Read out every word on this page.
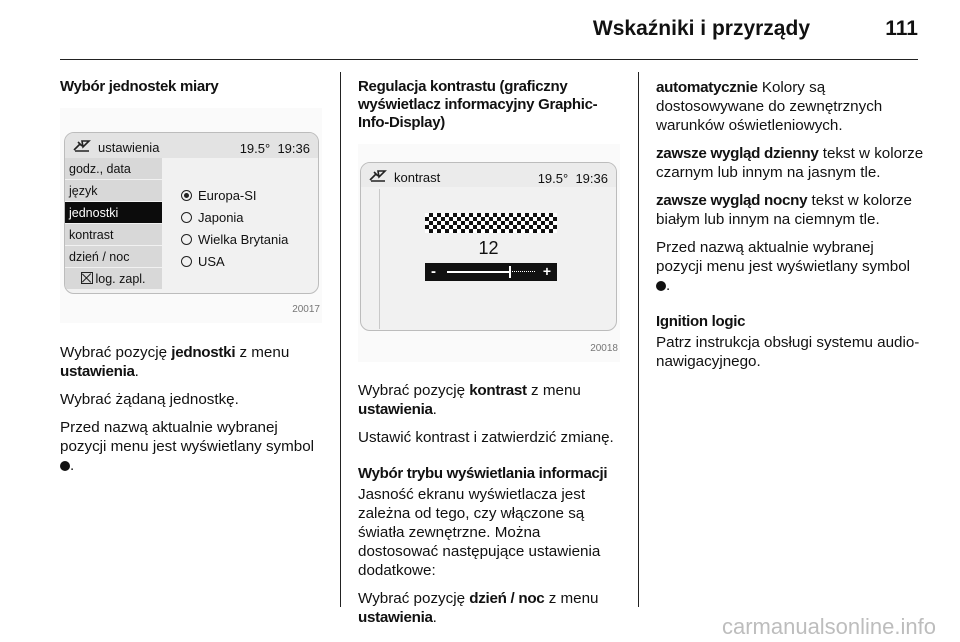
Wskaźniki i przyrządy	111
Wybór jednostek miary
ustawienia	19.5° 19:36
godz., data
język
jednostki
kontrast
dzień / noc
log. zapl.
Europa-SI
Japonia
Wielka Brytania
USA
20017

Wybrać pozycję jednostki z menu ustawienia.

Wybrać żądaną jednostkę.

Przed nazwą aktualnie wybranej pozycji menu jest wyświetlany symbol .

Regulacja kontrastu (graficzny wyświetlacz informacyjny Graphic-Info-Display)
kontrast	19.5° 19:36
12
-	+
20018

Wybrać pozycję kontrast z menu ustawienia.

Ustawić kontrast i zatwierdzić zmianę.

Wybór trybu wyświetlania informacji

Jasność ekranu wyświetlacza jest zależna od tego, czy włączone są światła zewnętrzne. Można dostosować następujące ustawienia dodatkowe:

Wybrać pozycję dzień / noc z menu ustawienia.

automatycznie Kolory są dostosowywane do zewnętrznych warunków oświetleniowych.

zawsze wygląd dzienny tekst w kolorze czarnym lub innym na jasnym tle.

zawsze wygląd nocny tekst w kolorze białym lub innym na ciemnym tle.

Przed nazwą aktualnie wybranej pozycji menu jest wyświetlany symbol .

Ignition logic

Patrz instrukcja obsługi systemu audio-nawigacyjnego.

carmanualsonline.info
